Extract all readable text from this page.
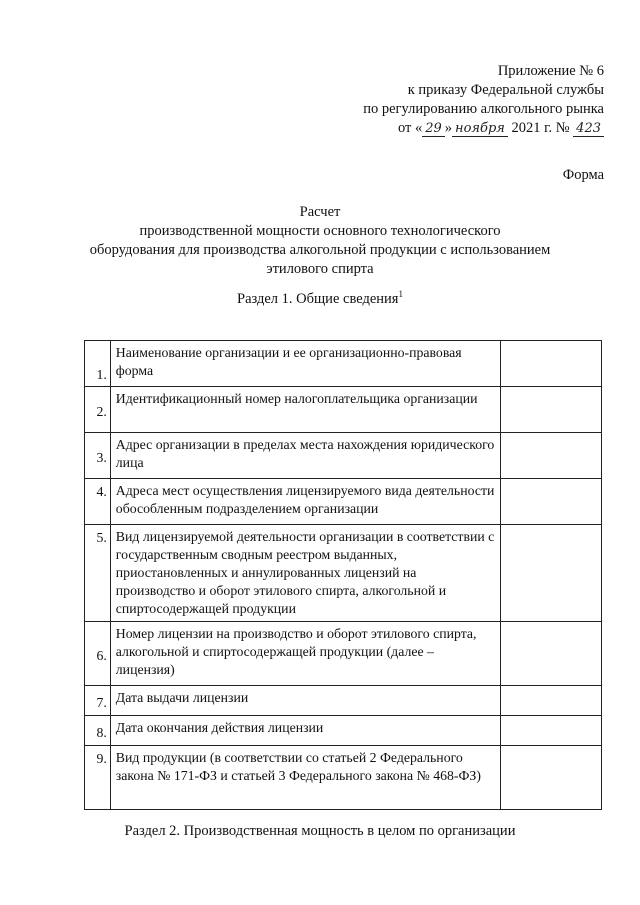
Приложение № 6
к приказу Федеральной службы
по регулированию алкогольного рынка
от « 29 » ноября 2021 г. № 423
Форма
Расчет
производственной мощности основного технологического
оборудования для производства алкогольной продукции с использованием
этилового спирта
Раздел 1. Общие сведения$^1$
1.	Наименование организации и ее организационно-правовая форма	
2.	Идентификационный номер налогоплательщика организации	
3.	Адрес организации в пределах места нахождения юридического лица	
4.	Адреса мест осуществления лицензируемого вида деятельности обособленным подразделением организации	
5.	Вид лицензируемой деятельности организации в соответствии с государственным сводным реестром выданных, приостановленных и аннулированных лицензий на производство и оборот этилового спирта, алкогольной и спиртосодержащей продукции	
6.	Номер лицензии на производство и оборот этилового спирта, алкогольной и спиртосодержащей продукции (далее – лицензия)	
7.	Дата выдачи лицензии	
8.	Дата окончания действия лицензии	
9.	Вид продукции (в соответствии со статьей 2 Федерального закона № 171-ФЗ и статьей 3 Федерального закона № 468-ФЗ)	
Раздел 2. Производственная мощность в целом по организации
